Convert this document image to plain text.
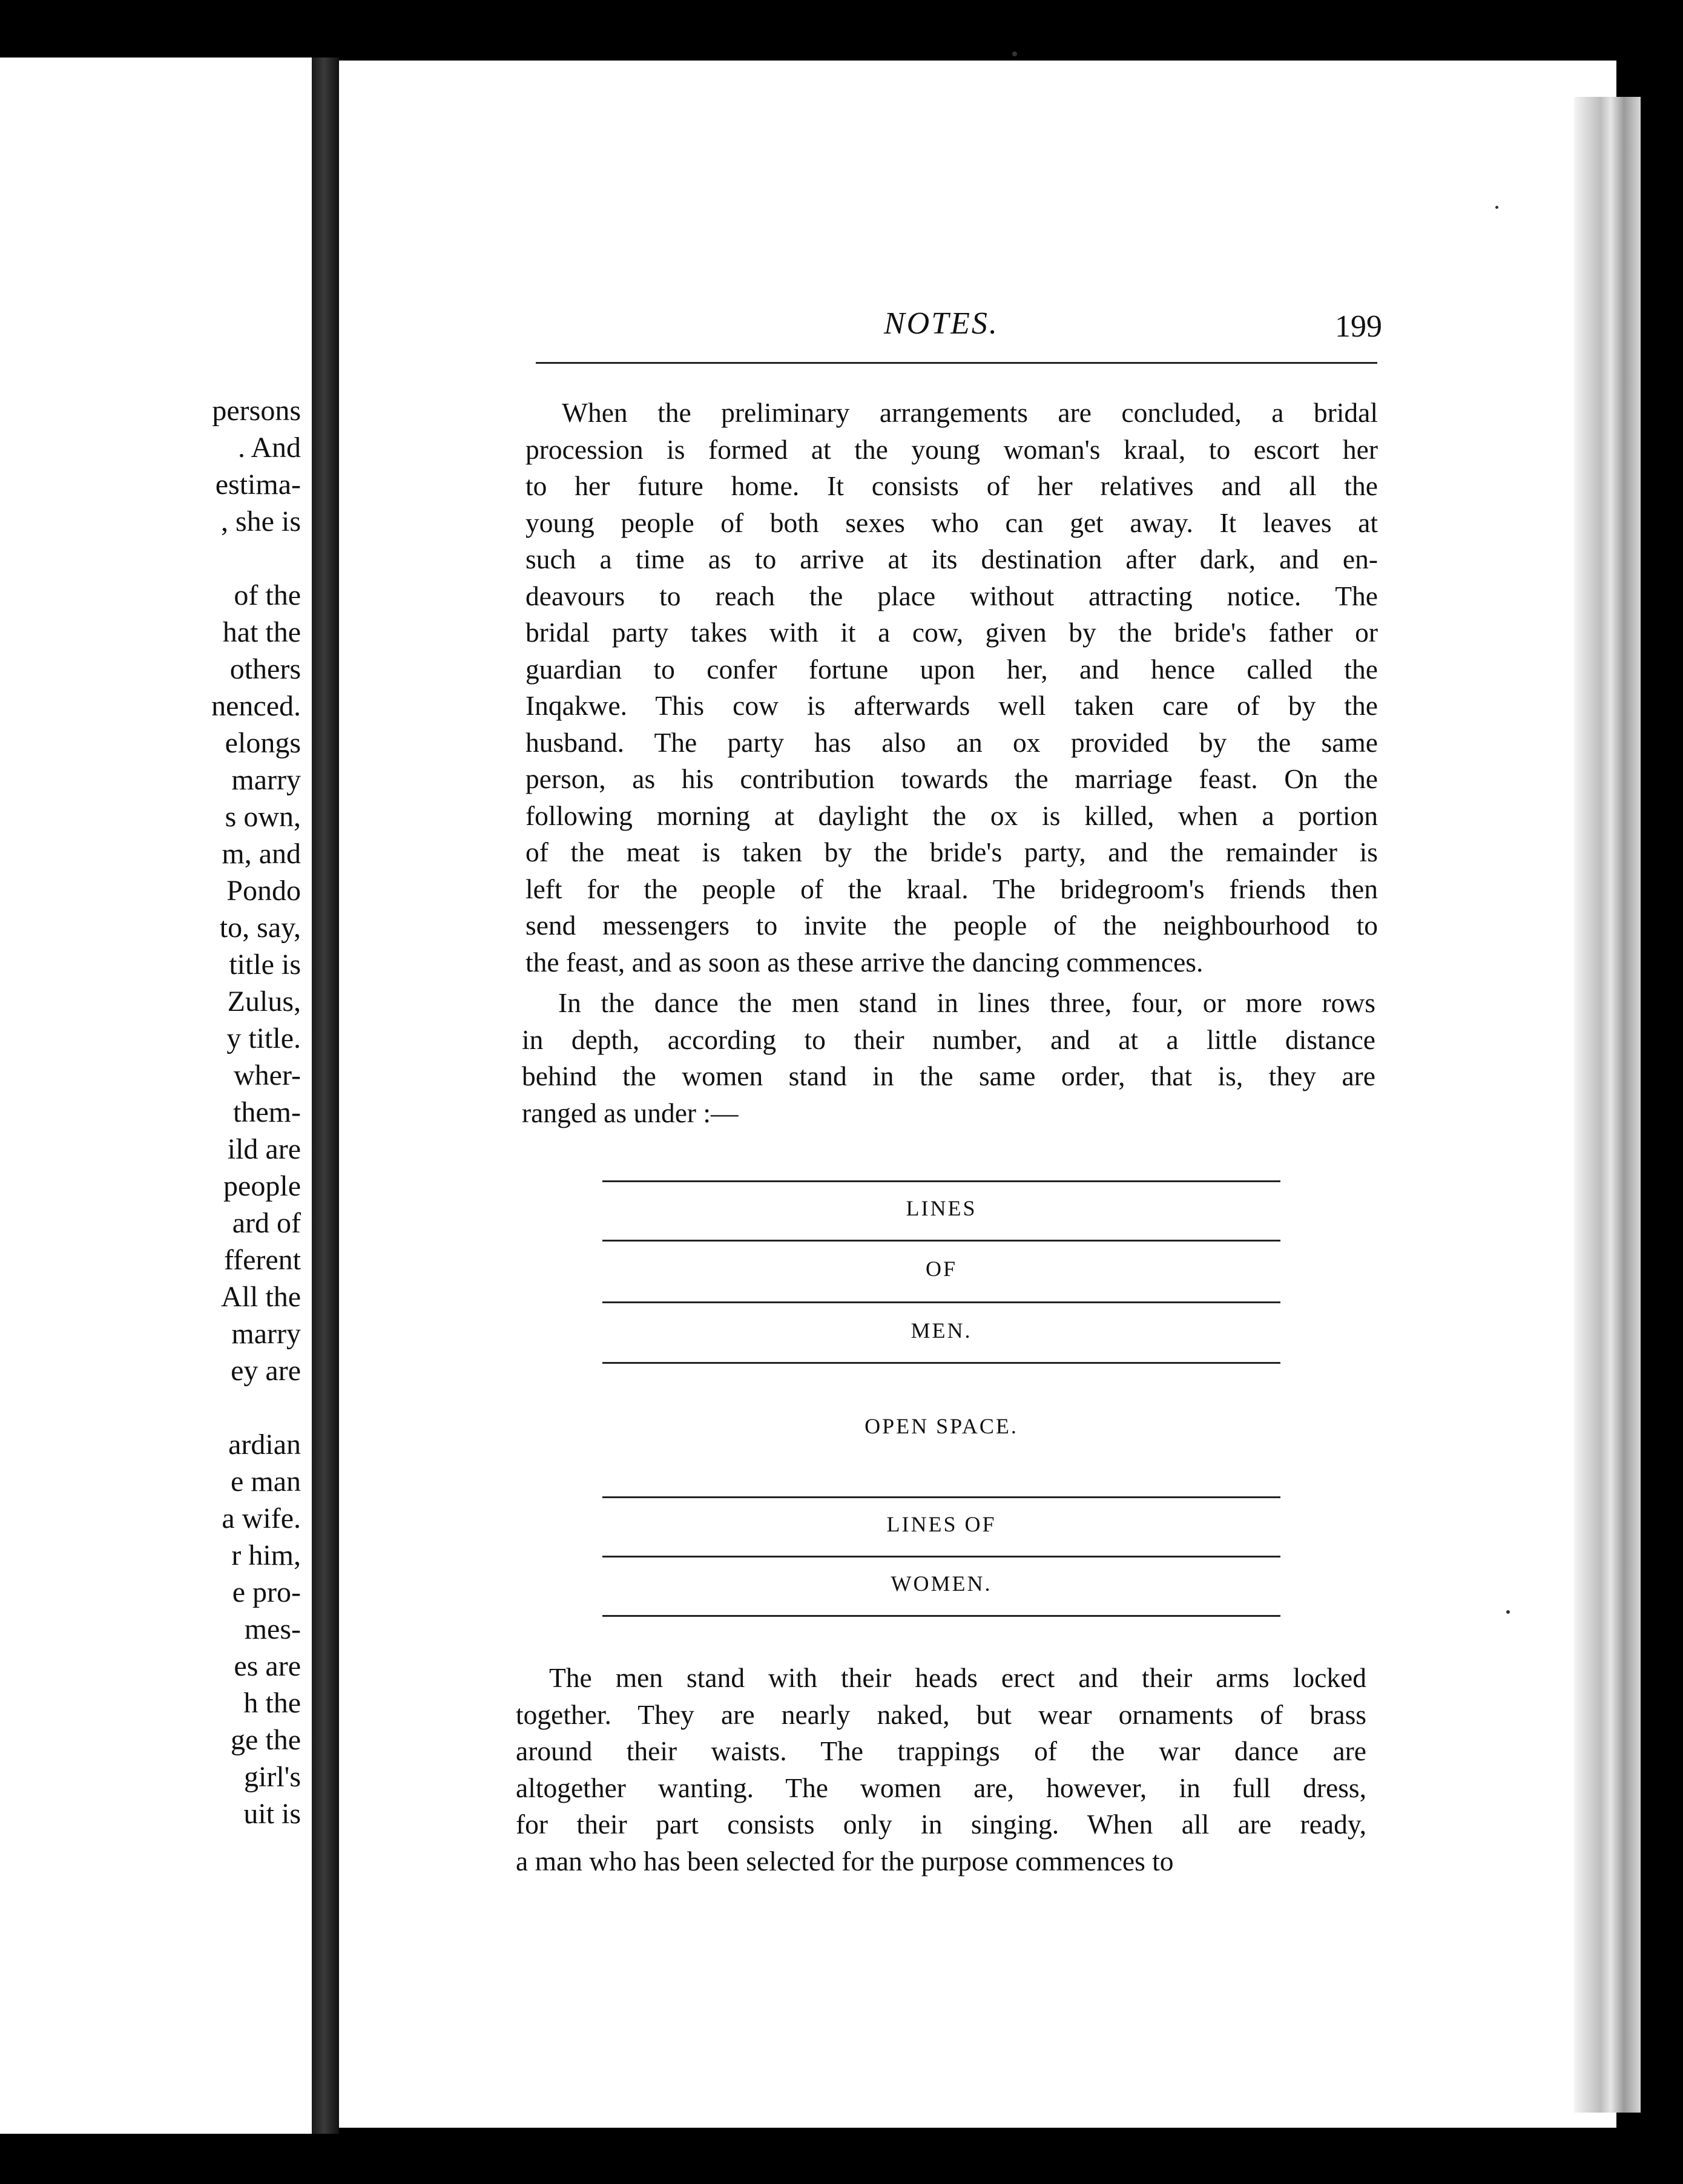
persons
. And
estima-
, she is
of the
hat the
others
nenced.
elongs
marry
s own,
m, and
Pondo
to, say,
title is
Zulus,
y title.
wher-
them-
ild are
people
ard of
fferent
All the
marry
ey are
ardian
e man
a wife.
r him,
e pro-
mes-
es are
h the
ge the
girl's
uit is
NOTES.	199

When the preliminary arrangements are concluded, a bridal
procession is formed at the young woman's kraal, to escort her
to her future home. It consists of her relatives and all the
young people of both sexes who can get away. It leaves at
such a time as to arrive at its destination after dark, and en-
deavours to reach the place without attracting notice. The
bridal party takes with it a cow, given by the bride's father or
guardian to confer fortune upon her, and hence called the
Inqakwe. This cow is afterwards well taken care of by the
husband. The party has also an ox provided by the same
person, as his contribution towards the marriage feast. On the
following morning at daylight the ox is killed, when a portion
of the meat is taken by the bride's party, and the remainder is
left for the people of the kraal. The bridegroom's friends then
send messengers to invite the people of the neighbourhood to
the feast, and as soon as these arrive the dancing commences.

In the dance the men stand in lines three, four, or more rows
in depth, according to their number, and at a little distance
behind the women stand in the same order, that is, they are
ranged as under :—

LINES
OF
MEN.
OPEN SPACE.
LINES OF
WOMEN.

The men stand with their heads erect and their arms locked
together. They are nearly naked, but wear ornaments of brass
around their waists. The trappings of the war dance are
altogether wanting. The women are, however, in full dress,
for their part consists only in singing. When all are ready,
a man who has been selected for the purpose commences to
